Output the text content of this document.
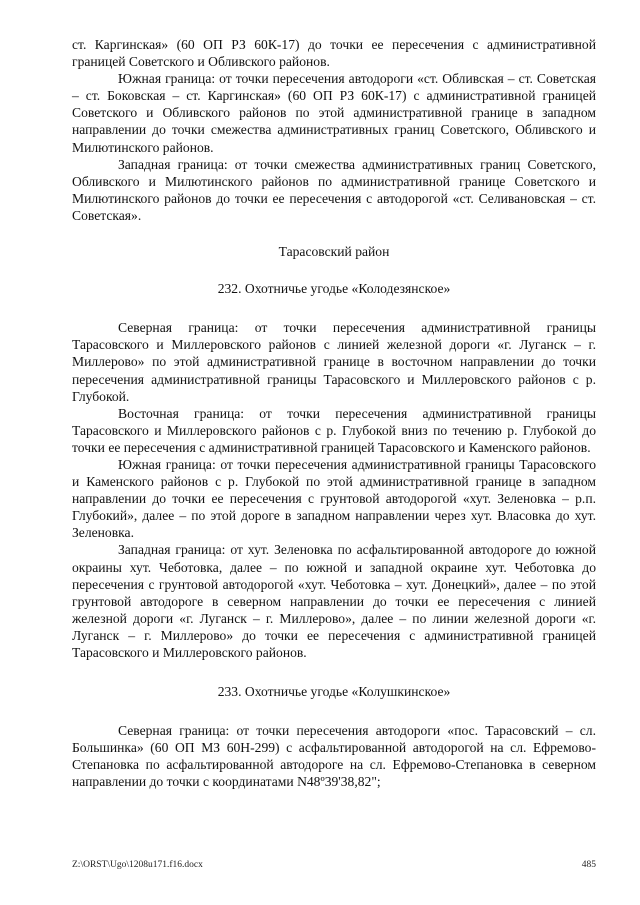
ст. Каргинская» (60 ОП РЗ 60К-17) до точки ее пересечения с административной границей Советского и Обливского районов.

Южная граница: от точки пересечения автодороги «ст. Обливская – ст. Советская – ст. Боковская – ст. Каргинская» (60 ОП РЗ 60К-17) с административной границей Советского и Обливского районов по этой административной границе в западном направлении до точки смежества административных границ Советского, Обливского и Милютинского районов.

Западная граница: от точки смежества административных границ Советского, Обливского и Милютинского районов по административной границе Советского и Милютинского районов до точки ее пересечения с автодорогой «ст. Селивановская – ст. Советская».

Тарасовский район

232. Охотничье угодье «Колодезянское»

Северная граница: от точки пересечения административной границы Тарасовского и Миллеровского районов с линией железной дороги «г. Луганск – г. Миллерово» по этой административной границе в восточном направлении до точки пересечения административной границы Тарасовского и Миллеровского районов с р. Глубокой.

Восточная граница: от точки пересечения административной границы Тарасовского и Миллеровского районов с р. Глубокой вниз по течению р. Глубокой до точки ее пересечения с административной границей Тарасовского и Каменского районов.

Южная граница: от точки пересечения административной границы Тарасовского и Каменского районов с р. Глубокой по этой административной границе в западном направлении до точки ее пересечения с грунтовой автодорогой «хут. Зеленовка – р.п. Глубокий», далее – по этой дороге в западном направлении через хут. Власовка до хут. Зеленовка.

Западная граница: от хут. Зеленовка по асфальтированной автодороге до южной окраины хут. Чеботовка, далее – по южной и западной окраине хут. Чеботовка до пересечения с грунтовой автодорогой «хут. Чеботовка – хут. Донецкий», далее – по этой грунтовой автодороге в северном направлении до точки ее пересечения с линией железной дороги «г. Луганск – г. Миллерово», далее – по линии железной дороги «г. Луганск – г. Миллерово» до точки ее пересечения с административной границей Тарасовского и Миллеровского районов.

233. Охотничье угодье «Колушкинское»

Северная граница: от точки пересечения автодороги «пос. Тарасовский – сл. Большинка» (60 ОП МЗ 60Н-299) с асфальтированной автодорогой на сл. Ефремово-Степановка по асфальтированной автодороге на сл. Ефремово-Степановка в северном направлении до точки с координатами N48º39'38,82";

Z:\ORST\Ugo\1208u171.f16.docx	485
